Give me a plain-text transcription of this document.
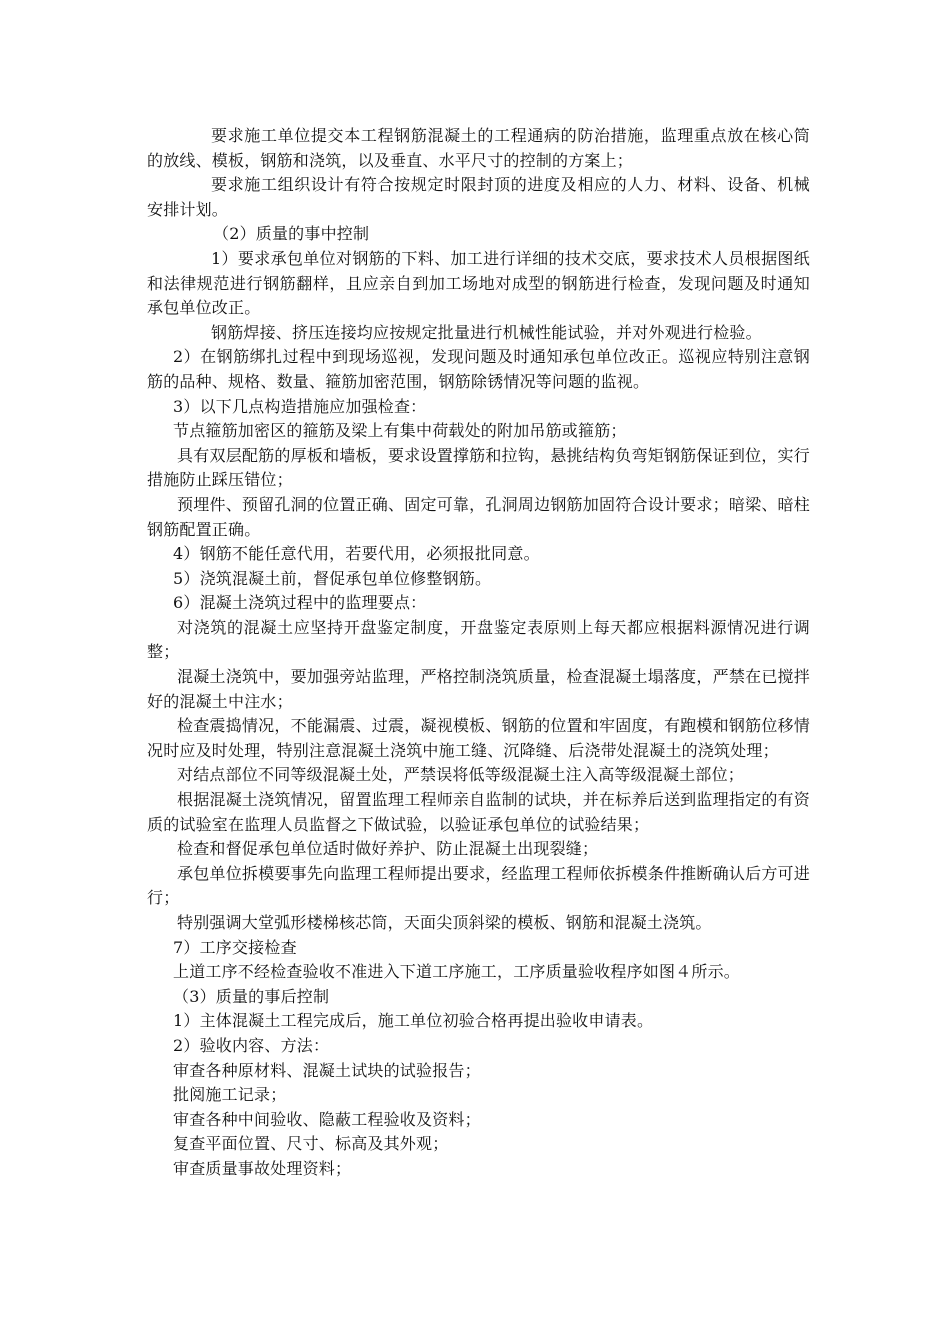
要求施工单位提交本工程钢筋混凝土的工程通病的防治措施，监理重点放在核心筒的放线、模板，钢筋和浇筑，以及垂直、水平尺寸的控制的方案上；

要求施工组织设计有符合按规定时限封顶的进度及相应的人力、材料、设备、机械安排计划。

（2）质量的事中控制

1）要求承包单位对钢筋的下料、加工进行详细的技术交底，要求技术人员根据图纸和法律规范进行钢筋翻样，且应亲自到加工场地对成型的钢筋进行检查，发现问题及时通知承包单位改正。

钢筋焊接、挤压连接均应按规定批量进行机械性能试验，并对外观进行检验。

2）在钢筋绑扎过程中到现场巡视，发现问题及时通知承包单位改正。巡视应特别注意钢筋的品种、规格、数量、箍筋加密范围，钢筋除锈情况等问题的监视。

3）以下几点构造措施应加强检查：

节点箍筋加密区的箍筋及梁上有集中荷载处的附加吊筋或箍筋；

具有双层配筋的厚板和墙板，要求设置撑筋和拉钩，悬挑结构负弯矩钢筋保证到位，实行措施防止踩压错位；

预埋件、预留孔洞的位置正确、固定可靠，孔洞周边钢筋加固符合设计要求；暗梁、暗柱钢筋配置正确。

4）钢筋不能任意代用，若要代用，必须报批同意。

5）浇筑混凝土前，督促承包单位修整钢筋。

6）混凝土浇筑过程中的监理要点：

对浇筑的混凝土应坚持开盘鉴定制度，开盘鉴定表原则上每天都应根据料源情况进行调整；

混凝土浇筑中，要加强旁站监理，严格控制浇筑质量，检查混凝土塌落度，严禁在已搅拌好的混凝土中注水；

检查震捣情况，不能漏震、过震，凝视模板、钢筋的位置和牢固度，有跑模和钢筋位移情况时应及时处理，特别注意混凝土浇筑中施工缝、沉降缝、后浇带处混凝土的浇筑处理；

对结点部位不同等级混凝土处，严禁误将低等级混凝土注入高等级混凝土部位；

根据混凝土浇筑情况，留置监理工程师亲自监制的试块，并在标养后送到监理指定的有资质的试验室在监理人员监督之下做试验，以验证承包单位的试验结果；

检查和督促承包单位适时做好养护、防止混凝土出现裂缝；

承包单位拆模要事先向监理工程师提出要求，经监理工程师依拆模条件推断确认后方可进行；

特别强调大堂弧形楼梯核芯筒，天面尖顶斜梁的模板、钢筋和混凝土浇筑。

7）工序交接检查

上道工序不经检查验收不准进入下道工序施工，工序质量验收程序如图４所示。

（3）质量的事后控制

1）主体混凝土工程完成后，施工单位初验合格再提出验收申请表。

2）验收内容、方法：

审查各种原材料、混凝土试块的试验报告；

批阅施工记录；

审查各种中间验收、隐蔽工程验收及资料；

复查平面位置、尺寸、标高及其外观；

审查质量事故处理资料；
